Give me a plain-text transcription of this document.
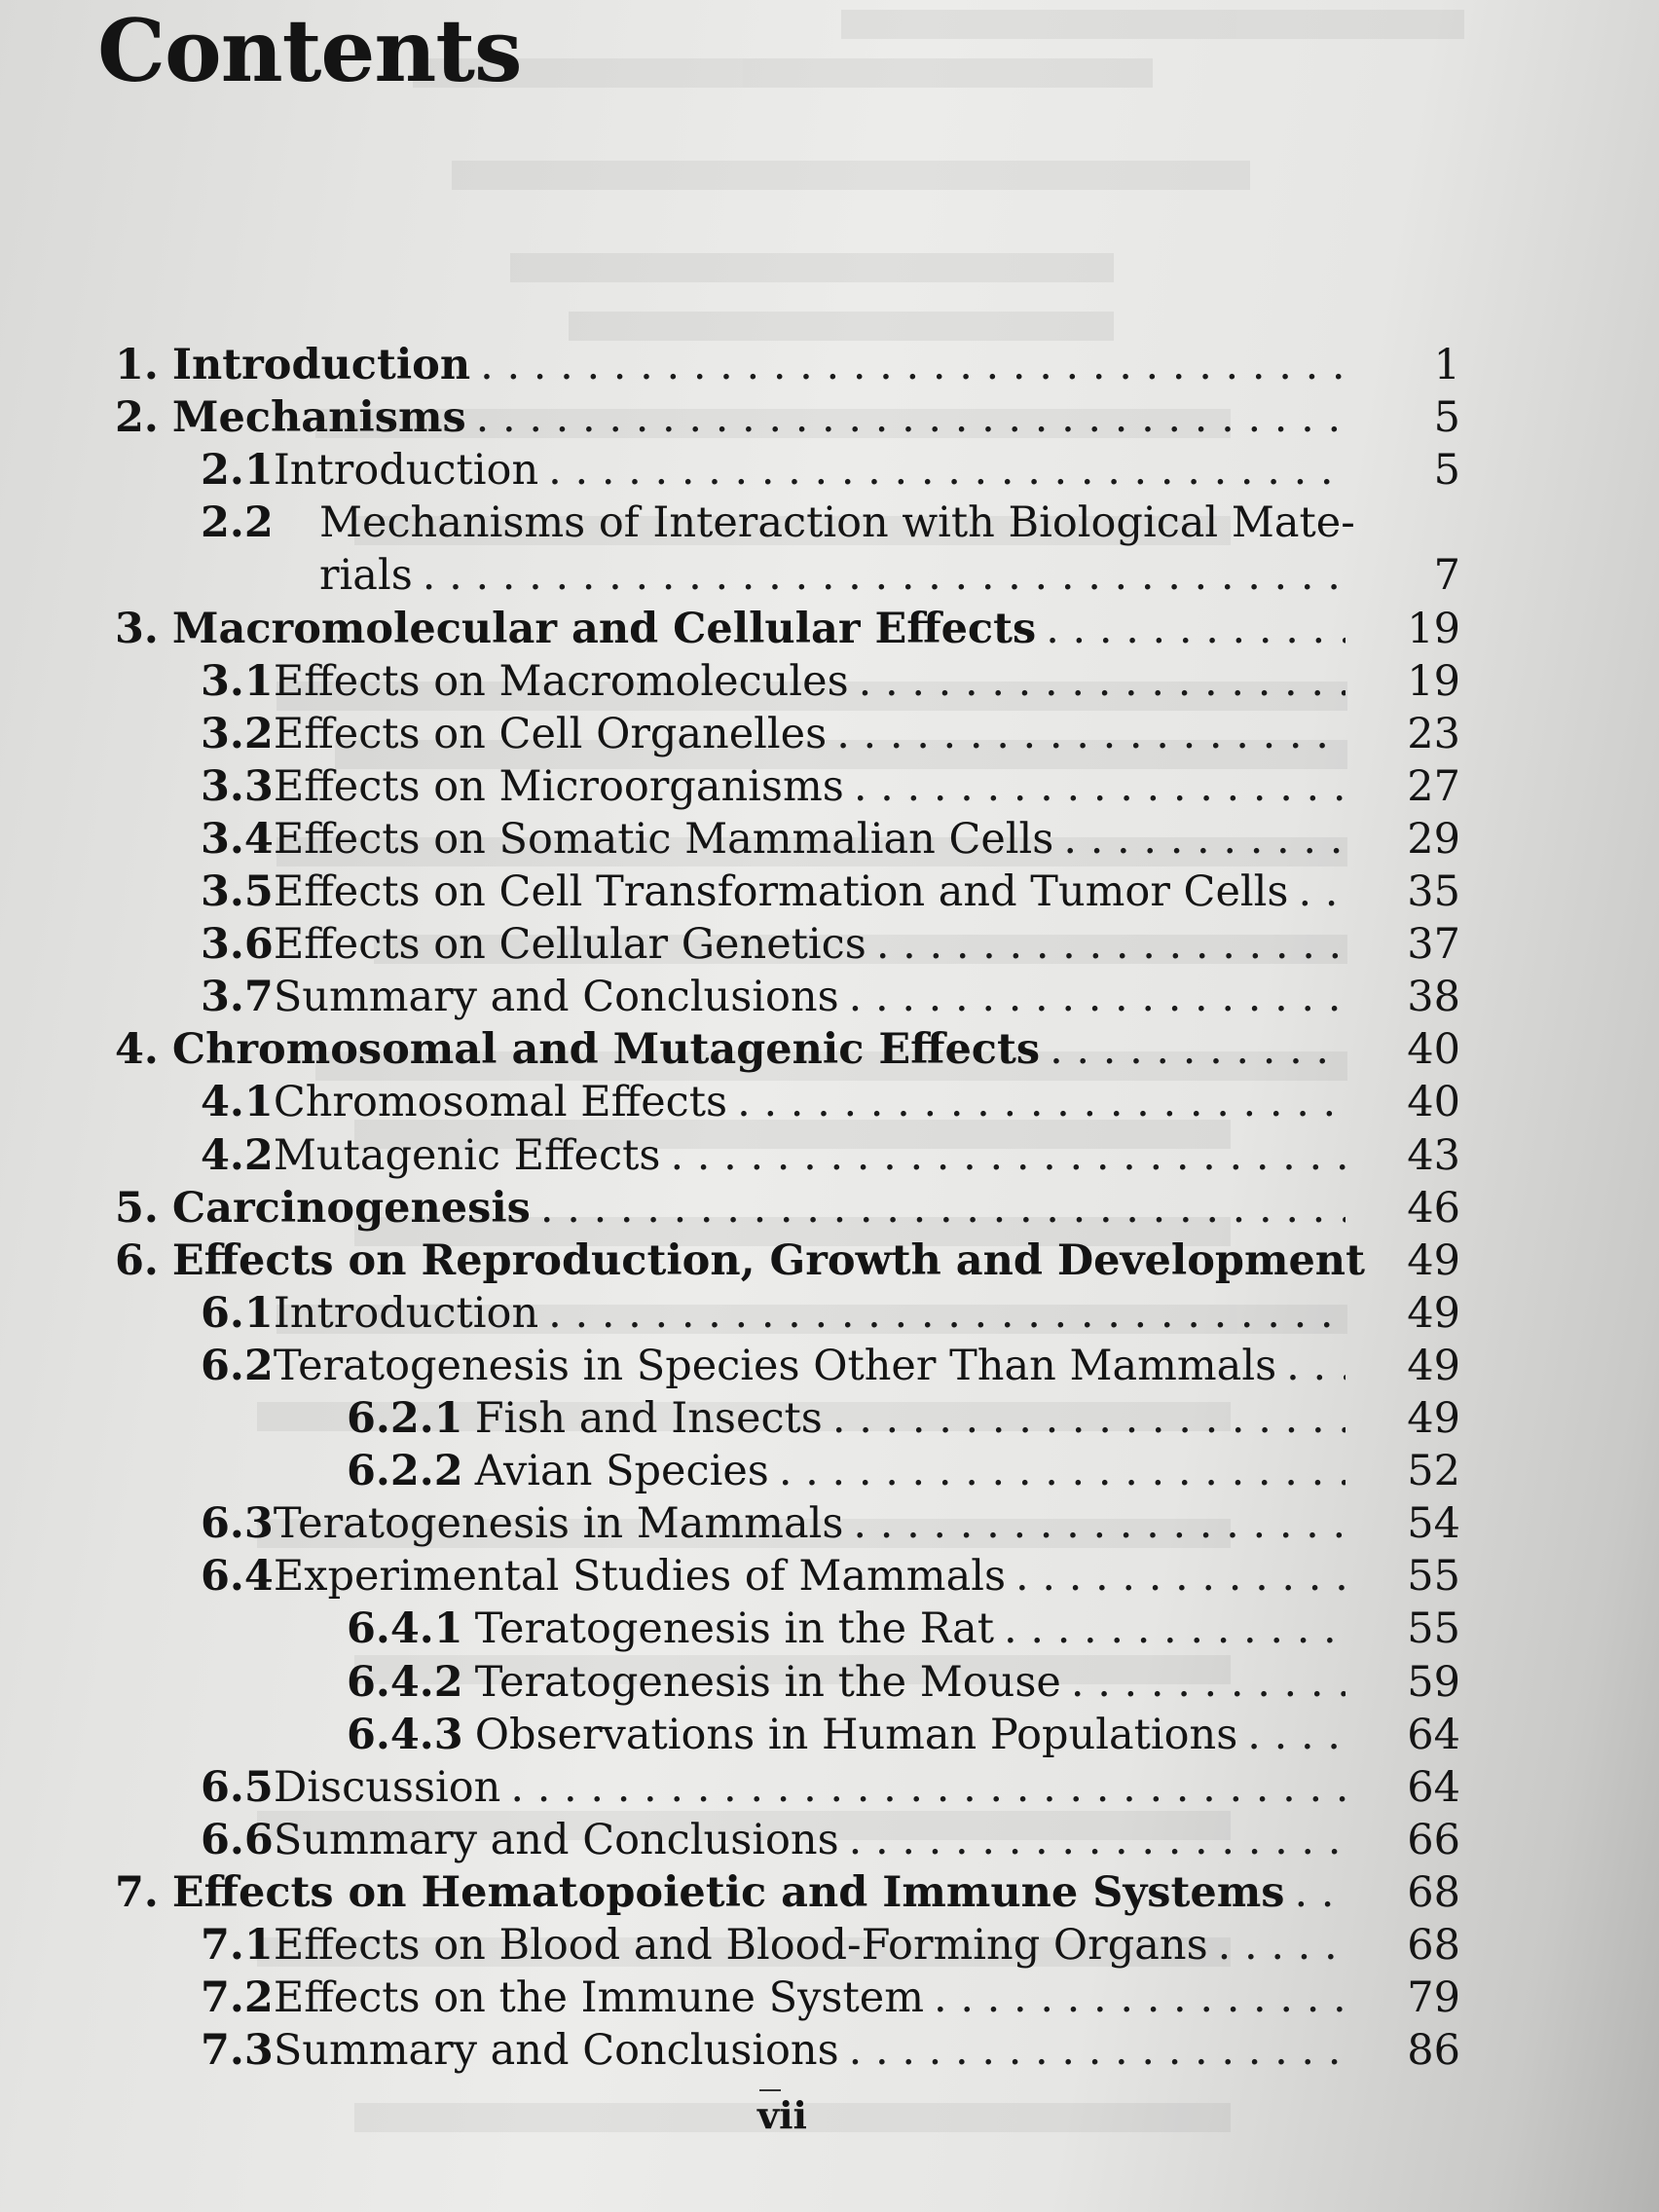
Contents
1. Introduction . . .	1
2. Mechanisms . . .	5
2.1 Introduction . . .	5
2.2	Mechanisms of Interaction with Biological Mate-
rials . . .	7
3. Macromolecular and Cellular Effects . . .	19
3.1 Effects on Macromolecules . . .	19
3.2 Effects on Cell Organelles . . .	23
3.3 Effects on Microorganisms . . .	27
3.4 Effects on Somatic Mammalian Cells . . .	29
3.5 Effects on Cell Transformation and Tumor Cells . . .	35
3.6 Effects on Cellular Genetics . . .	37
3.7 Summary and Conclusions . . .	38
4. Chromosomal and Mutagenic Effects . . .	40
4.1 Chromosomal Effects . . .	40
4.2 Mutagenic Effects . . .	43
5. Carcinogenesis . . .	46
6. Effects on Reproduction, Growth and Development 49
6.1 Introduction . . .	49
6.2 Teratogenesis in Species Other Than Mammals . . .	49
6.2.1 Fish and Insects . . .	49
6.2.2 Avian Species . . .	52
6.3 Teratogenesis in Mammals . . .	54
6.4 Experimental Studies of Mammals . . .	55
6.4.1 Teratogenesis in the Rat . . .	55
6.4.2 Teratogenesis in the Mouse . . .	59
6.4.3 Observations in Human Populations . . .	64
6.5 Discussion . . .	64
6.6 Summary and Conclusions . . .	66
7. Effects on Hematopoietic and Immune Systems . . .	68
7.1 Effects on Blood and Blood-Forming Organs . . .	68
7.2 Effects on the Immune System . . .	79
7.3 Summary and Conclusions . . .	86
vii
